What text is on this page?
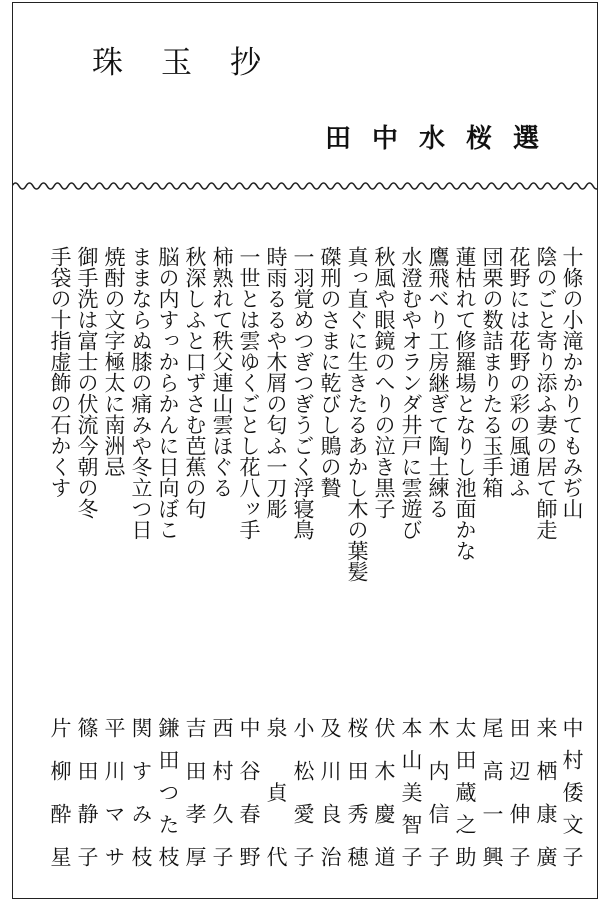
珠玉抄
田中水桜選
十條の小滝かかりてもみぢ山
陰のごと寄り添ふ妻の居て師走
花野には花野の彩の風通ふ
団栗の数詰まりたる玉手箱
蓮枯れて修羅場となりし池面かな
鷹飛べり工房継ぎて陶土練る
水澄むやオランダ井戸に雲遊び
秋風や眼鏡のへりの泣き黒子
真っ直ぐに生きたるあかし木の葉髪
磔刑のさまに乾びし鵙の贄
一羽覚めつぎつぎうごく浮寝鳥
時雨るるや木屑の匂ふ一刀彫
一世とは雲ゆくごとし花八ッ手
柿熟れて秩父連山雲ほぐる
秋深しふと口ずさむ芭蕉の句
脳の内すっからかんに日向ぼこ
ままならぬ膝の痛みや冬立つ日
焼酎の文字極太に南洲忌
御手洗は富士の伏流今朝の冬
手袋の十指虚飾の石かくす
中村倭文子
来栖康廣
田辺伸子
尾高一興
太田蔵之助
木内信子
本山美智子
伏木慶道
桜田秀穂
及川良治
小松愛子
泉貞代
中谷春野
西村久子
吉田孝厚
鎌田つた枝
関すみ枝
平川マサ
篠田静子
片柳酔星
